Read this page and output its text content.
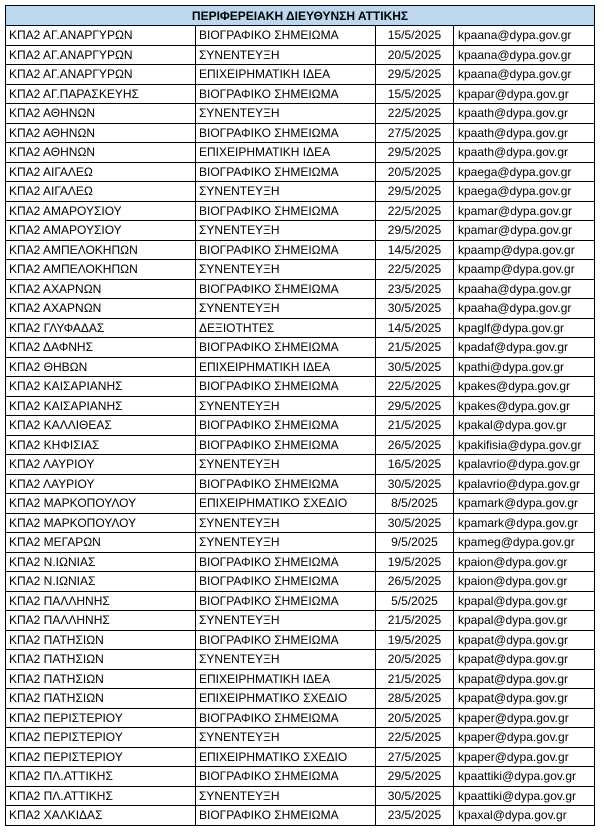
ΠΕΡΙΦΕΡΕΙΑΚΗ ΔΙΕΥΘΥΝΣΗ ΑΤΤΙΚΗΣ			
ΚΠΑ2 ΑΓ.ΑΝΑΡΓΥΡΩΝ	ΒΙΟΓΡΑΦΙΚΟ ΣΗΜΕΙΩΜΑ	15/5/2025	kpaana@dypa.gov.gr
ΚΠΑ2 ΑΓ.ΑΝΑΡΓΥΡΩΝ	ΣΥΝΕΝΤΕΥΞΗ	20/5/2025	kpaana@dypa.gov.gr
ΚΠΑ2 ΑΓ.ΑΝΑΡΓΥΡΩΝ	ΕΠΙΧΕΙΡΗΜΑΤΙΚΗ ΙΔΕΑ	29/5/2025	kpaana@dypa.gov.gr
ΚΠΑ2 ΑΓ.ΠΑΡΑΣΚΕΥΗΣ	ΒΙΟΓΡΑΦΙΚΟ ΣΗΜΕΙΩΜΑ	15/5/2025	kpapar@dypa.gov.gr
ΚΠΑ2 ΑΘΗΝΩΝ	ΣΥΝΕΝΤΕΥΞΗ	22/5/2025	kpaath@dypa.gov.gr
ΚΠΑ2 ΑΘΗΝΩΝ	ΒΙΟΓΡΑΦΙΚΟ ΣΗΜΕΙΩΜΑ	27/5/2025	kpaath@dypa.gov.gr
ΚΠΑ2 ΑΘΗΝΩΝ	ΕΠΙΧΕΙΡΗΜΑΤΙΚΗ ΙΔΕΑ	29/5/2025	kpaath@dypa.gov.gr
ΚΠΑ2 ΑΙΓΑΛΕΩ	ΒΙΟΓΡΑΦΙΚΟ ΣΗΜΕΙΩΜΑ	20/5/2025	kpaega@dypa.gov.gr
ΚΠΑ2 ΑΙΓΑΛΕΩ	ΣΥΝΕΝΤΕΥΞΗ	29/5/2025	kpaega@dypa.gov.gr
ΚΠΑ2 ΑΜΑΡΟΥΣΙΟΥ	ΒΙΟΓΡΑΦΙΚΟ ΣΗΜΕΙΩΜΑ	22/5/2025	kpamar@dypa.gov.gr
ΚΠΑ2 ΑΜΑΡΟΥΣΙΟΥ	ΣΥΝΕΝΤΕΥΞΗ	29/5/2025	kpamar@dypa.gov.gr
ΚΠΑ2 ΑΜΠΕΛΟΚΗΠΩΝ	ΒΙΟΓΡΑΦΙΚΟ ΣΗΜΕΙΩΜΑ	14/5/2025	kpaamp@dypa.gov.gr
ΚΠΑ2 ΑΜΠΕΛΟΚΗΠΩΝ	ΣΥΝΕΝΤΕΥΞΗ	22/5/2025	kpaamp@dypa.gov.gr
ΚΠΑ2 ΑΧΑΡΝΩΝ	ΒΙΟΓΡΑΦΙΚΟ ΣΗΜΕΙΩΜΑ	23/5/2025	kpaaha@dypa.gov.gr
ΚΠΑ2 ΑΧΑΡΝΩΝ	ΣΥΝΕΝΤΕΥΞΗ	30/5/2025	kpaaha@dypa.gov.gr
ΚΠΑ2 ΓΛΥΦΑΔΑΣ	ΔΕΞΙΟΤΗΤΕΣ	14/5/2025	kpaglf@dypa.gov.gr
ΚΠΑ2 ΔΑΦΝΗΣ	ΒΙΟΓΡΑΦΙΚΟ ΣΗΜΕΙΩΜΑ	21/5/2025	kpadaf@dypa.gov.gr
ΚΠΑ2 ΘΗΒΩΝ	ΕΠΙΧΕΙΡΗΜΑΤΙΚΗ ΙΔΕΑ	30/5/2025	kpathi@dypa.gov.gr
ΚΠΑ2 ΚΑΙΣΑΡΙΑΝΗΣ	ΒΙΟΓΡΑΦΙΚΟ ΣΗΜΕΙΩΜΑ	22/5/2025	kpakes@dypa.gov.gr
ΚΠΑ2 ΚΑΙΣΑΡΙΑΝΗΣ	ΣΥΝΕΝΤΕΥΞΗ	29/5/2025	kpakes@dypa.gov.gr
ΚΠΑ2 ΚΑΛΛΙΘΕΑΣ	ΒΙΟΓΡΑΦΙΚΟ ΣΗΜΕΙΩΜΑ	21/5/2025	kpakal@dypa.gov.gr
ΚΠΑ2 ΚΗΦΙΣΙΑΣ	ΒΙΟΓΡΑΦΙΚΟ ΣΗΜΕΙΩΜΑ	26/5/2025	kpakifisia@dypa.gov.gr
ΚΠΑ2 ΛΑΥΡΙΟΥ	ΣΥΝΕΝΤΕΥΞΗ	16/5/2025	kpalavrio@dypa.gov.gr
ΚΠΑ2 ΛΑΥΡΙΟΥ	ΒΙΟΓΡΑΦΙΚΟ ΣΗΜΕΙΩΜΑ	30/5/2025	kpalavrio@dypa.gov.gr
ΚΠΑ2 ΜΑΡΚΟΠΟΥΛΟΥ	ΕΠΙΧΕΙΡΗΜΑΤΙΚΟ ΣΧΕΔΙΟ	8/5/2025	kpamark@dypa.gov.gr
ΚΠΑ2 ΜΑΡΚΟΠΟΥΛΟΥ	ΣΥΝΕΝΤΕΥΞΗ	30/5/2025	kpamark@dypa.gov.gr
ΚΠΑ2 ΜΕΓΑΡΩΝ	ΣΥΝΕΝΤΕΥΞΗ	9/5/2025	kpameg@dypa.gov.gr
ΚΠΑ2 Ν.ΙΩΝΙΑΣ	ΒΙΟΓΡΑΦΙΚΟ ΣΗΜΕΙΩΜΑ	19/5/2025	kpaion@dypa.gov.gr
ΚΠΑ2 Ν.ΙΩΝΙΑΣ	ΒΙΟΓΡΑΦΙΚΟ ΣΗΜΕΙΩΜΑ	26/5/2025	kpaion@dypa.gov.gr
ΚΠΑ2 ΠΑΛΛΗΝΗΣ	ΒΙΟΓΡΑΦΙΚΟ ΣΗΜΕΙΩΜΑ	5/5/2025	kpapal@dypa.gov.gr
ΚΠΑ2 ΠΑΛΛΗΝΗΣ	ΣΥΝΕΝΤΕΥΞΗ	21/5/2025	kpapal@dypa.gov.gr
ΚΠΑ2 ΠΑΤΗΣΙΩΝ	ΒΙΟΓΡΑΦΙΚΟ ΣΗΜΕΙΩΜΑ	19/5/2025	kpapat@dypa.gov.gr
ΚΠΑ2 ΠΑΤΗΣΙΩΝ	ΣΥΝΕΝΤΕΥΞΗ	20/5/2025	kpapat@dypa.gov.gr
ΚΠΑ2 ΠΑΤΗΣΙΩΝ	ΕΠΙΧΕΙΡΗΜΑΤΙΚΗ ΙΔΕΑ	21/5/2025	kpapat@dypa.gov.gr
ΚΠΑ2 ΠΑΤΗΣΙΩΝ	ΕΠΙΧΕΙΡΗΜΑΤΙΚΟ ΣΧΕΔΙΟ	28/5/2025	kpapat@dypa.gov.gr
ΚΠΑ2 ΠΕΡΙΣΤΕΡΙΟΥ	ΒΙΟΓΡΑΦΙΚΟ ΣΗΜΕΙΩΜΑ	20/5/2025	kpaper@dypa.gov.gr
ΚΠΑ2 ΠΕΡΙΣΤΕΡΙΟΥ	ΣΥΝΕΝΤΕΥΞΗ	22/5/2025	kpaper@dypa.gov.gr
ΚΠΑ2 ΠΕΡΙΣΤΕΡΙΟΥ	ΕΠΙΧΕΙΡΗΜΑΤΙΚΟ ΣΧΕΔΙΟ	27/5/2025	kpaper@dypa.gov.gr
ΚΠΑ2 ΠΛ.ΑΤΤΙΚΗΣ	ΒΙΟΓΡΑΦΙΚΟ ΣΗΜΕΙΩΜΑ	29/5/2025	kpaattiki@dypa.gov.gr
ΚΠΑ2 ΠΛ.ΑΤΤΙΚΗΣ	ΣΥΝΕΝΤΕΥΞΗ	30/5/2025	kpaattiki@dypa.gov.gr
ΚΠΑ2 ΧΑΛΚΙΔΑΣ	ΒΙΟΓΡΑΦΙΚΟ ΣΗΜΕΙΩΜΑ	23/5/2025	kpaxal@dypa.gov.gr
